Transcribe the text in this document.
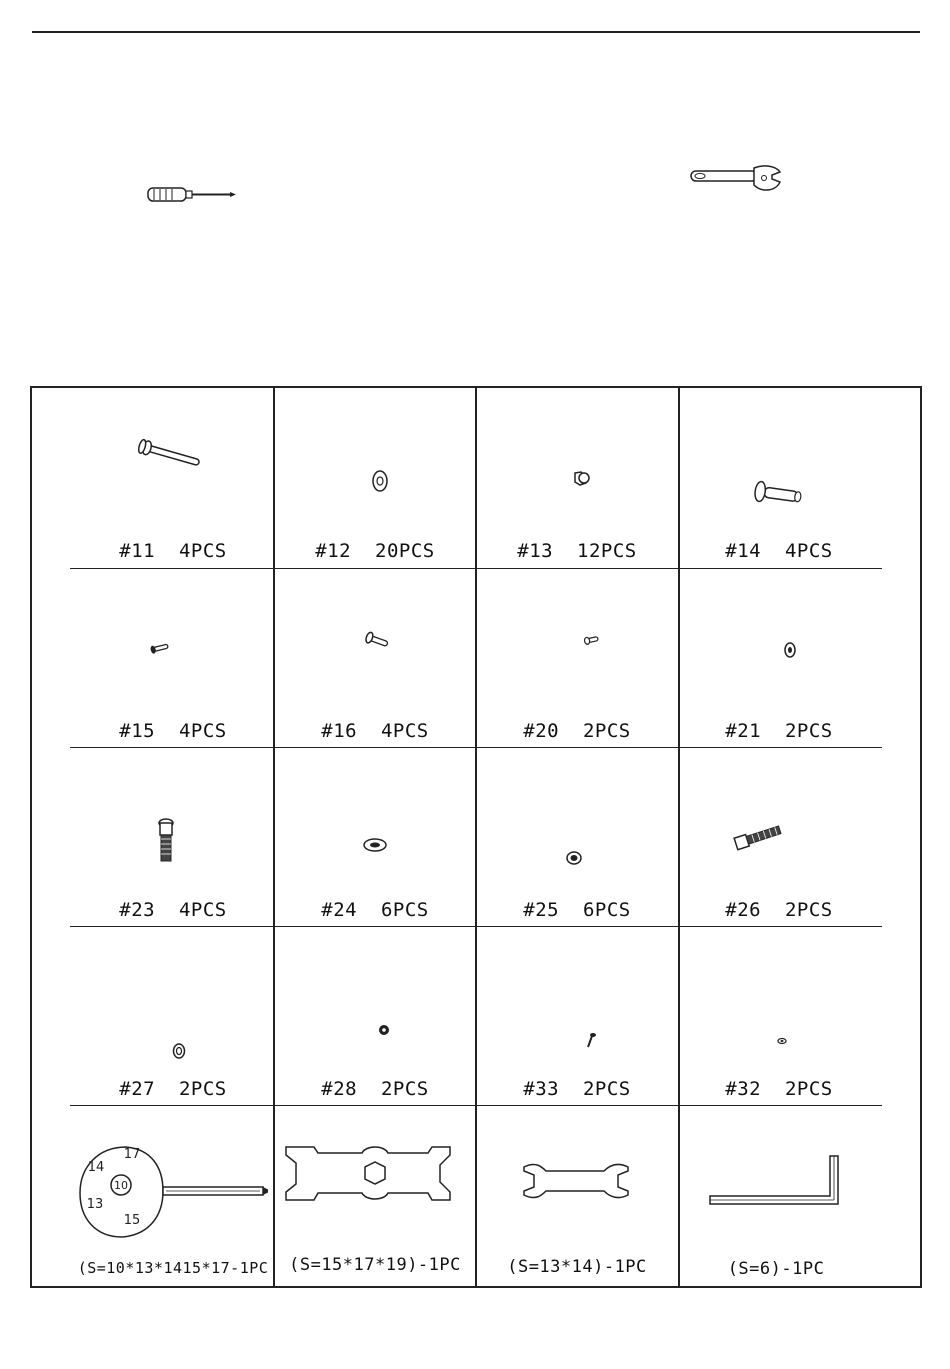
#11 4PCS	#12 20PCS	#13 12PCS	#14 4PCS
#15 4PCS	#16 4PCS	#20 2PCS	#21 2PCS
#23 4PCS	#24 6PCS	#25 6PCS	#26 2PCS
#27 2PCS	#28 2PCS	#33 2PCS	#32 2PCS
10
17
14
13
15
(S=10*13*1415*17-1PC	(S=15*17*19)-1PC	(S=13*14)-1PC	(S=6)-1PC
